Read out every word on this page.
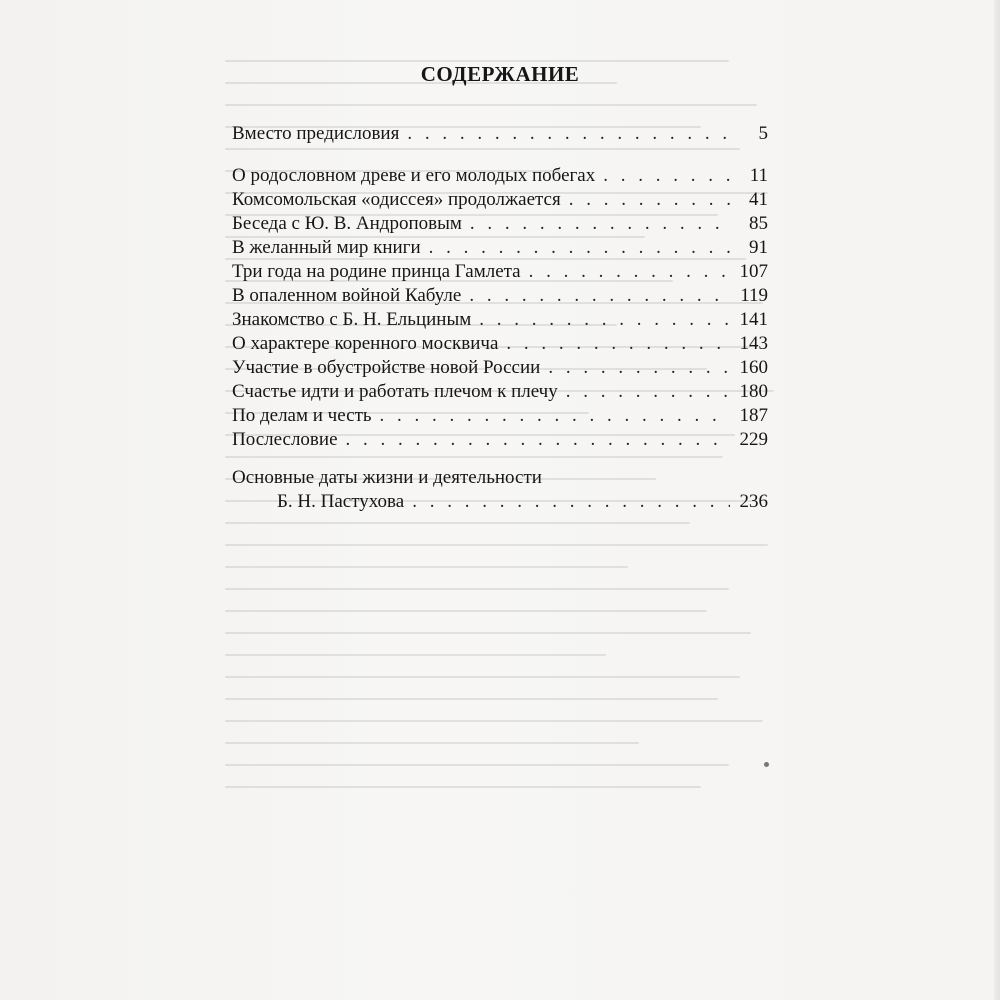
СОДЕРЖАНИЕ
Вместо предисловия . . .	5
О родословном древе и его молодых побегах . . .	11
Комсомольская «одиссея» продолжается . . .	41
Беседа с Ю. В. Андроповым . . .	85
В желанный мир книги . . .	91
Три года на родине принца Гамлета . . .	107
В опаленном войной Кабуле . . .	119
Знакомство с Б. Н. Ельциным . . .	141
О характере коренного москвича . . .	143
Участие в обустройстве новой России . . .	160
Счастье идти и работать плечом к плечу . . .	180
По делам и честь . . .	187
Послесловие . . .	229
Основные даты жизни и деятельности
Б. Н. Пастухова . . .	236
